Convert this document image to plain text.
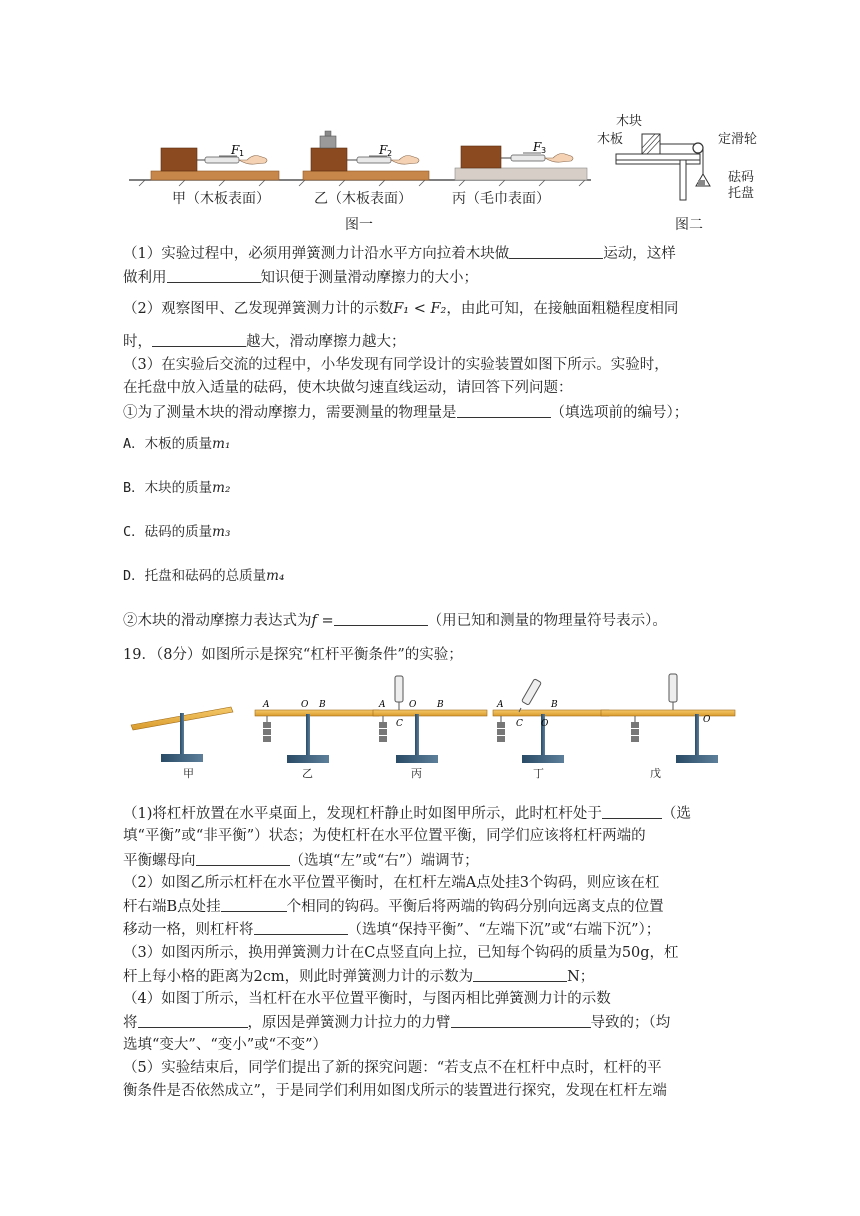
F 1	F 2	F 3
甲（木板表面）	乙（木板表面）	丙（毛巾表面）
图一
木块
木板	定滑轮
砝码
托盘
图二
（1）实验过程中，必须用弹簧测力计沿水平方向拉着木块做	运动，这样
做利用	知识便于测量滑动摩擦力的大小；
（2）观察图甲、乙发现弹簧测力计的示数F₁ < F₂，由此可知，在接触面粗糙程度相同
时，	越大，滑动摩擦力越大；
（3）在实验后交流的过程中，小华发现有同学设计的实验装置如图下所示。实验时，
在托盘中放入适量的砝码，使木块做匀速直线运动，请回答下列问题：
①为了测量木块的滑动摩擦力，需要测量的物理量是	（填选项前的编号）；
A．木板的质量m₁
B．木块的质量m₂
C．砝码的质量m₃
D．托盘和砝码的总质量m₄
②木块的滑动摩擦力表达式为f =	（用已知和测量的物理量符号表示）。
19．（8分）如图所示是探究“杠杆平衡条件”的实验；
A	O B	A	O B
C
A
C O
B
O
甲	乙	丙	丁	戊
（1)将杠杆放置在水平桌面上，发现杠杆静止时如图甲所示，此时杠杆处于	（选
填“平衡”或“非平衡”）状态；为使杠杆在水平位置平衡，同学们应该将杠杆两端的
平衡螺母向	（选填“左”或“右”）端调节；
（2）如图乙所示杠杆在水平位置平衡时，在杠杆左端A点处挂3个钩码，则应该在杠
杆右端B点处挂	个相同的钩码。平衡后将两端的钩码分别向远离支点的位置
移动一格，则杠杆将	（选填“保持平衡”、“左端下沉”或“右端下沉”）；
（3）如图丙所示，换用弹簧测力计在C点竖直向上拉，已知每个钩码的质量为50g，杠
杆上每小格的距离为2cm，则此时弹簧测力计的示数为	N；
（4）如图丁所示，当杠杆在水平位置平衡时，与图丙相比弹簧测力计的示数
将	，原因是弹簧测力计拉力的力臂	导致的；（均
选填“变大”、“变小”或“不变”）
（5）实验结束后，同学们提出了新的探究问题：“若支点不在杠杆中点时，杠杆的平
衡条件是否依然成立”，于是同学们利用如图戊所示的装置进行探究，发现在杠杆左端
